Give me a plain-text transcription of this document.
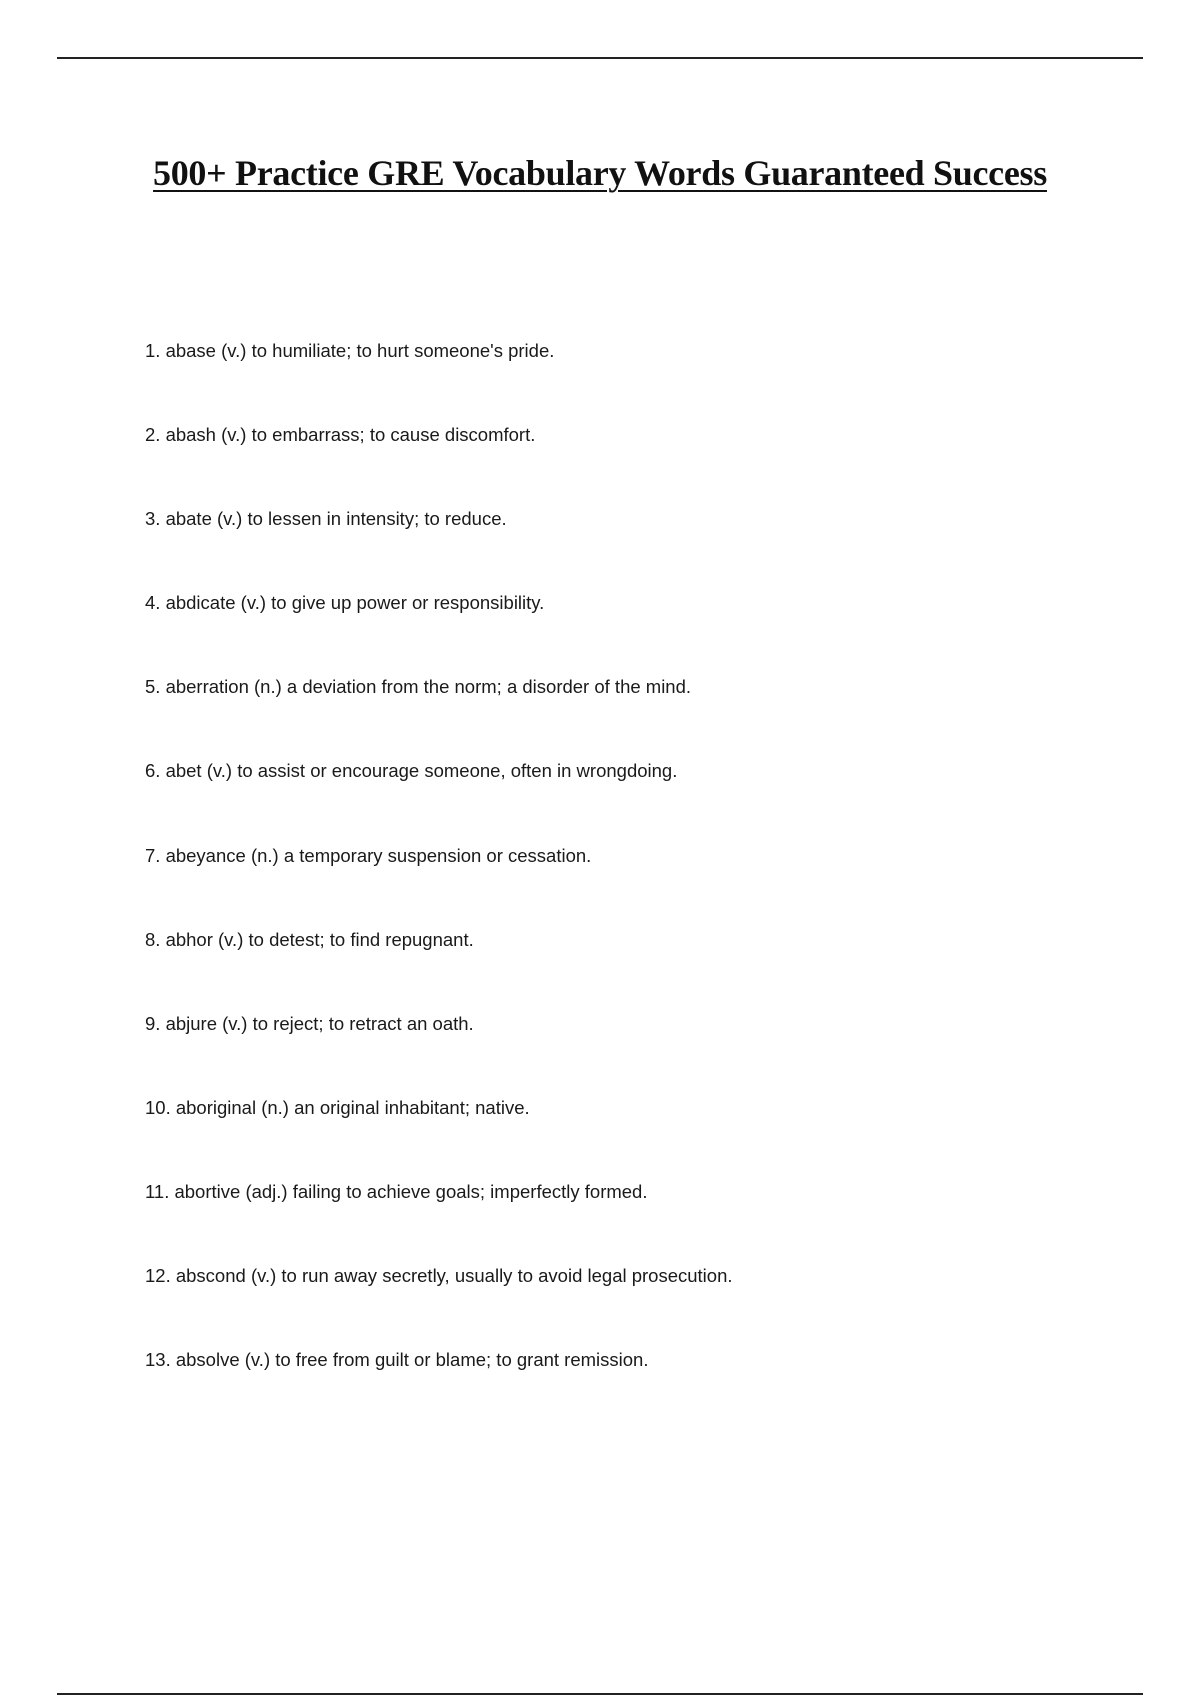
500+ Practice GRE Vocabulary Words Guaranteed Success
1. abase (v.) to humiliate; to hurt someone's pride.
2. abash (v.) to embarrass; to cause discomfort.
3. abate (v.) to lessen in intensity; to reduce.
4. abdicate (v.) to give up power or responsibility.
5. aberration (n.) a deviation from the norm; a disorder of the mind.
6. abet (v.) to assist or encourage someone, often in wrongdoing.
7. abeyance (n.) a temporary suspension or cessation.
8. abhor (v.) to detest; to find repugnant.
9. abjure (v.) to reject; to retract an oath.
10. aboriginal (n.) an original inhabitant; native.
11. abortive (adj.) failing to achieve goals; imperfectly formed.
12. abscond (v.) to run away secretly, usually to avoid legal prosecution.
13. absolve (v.) to free from guilt or blame; to grant remission.
